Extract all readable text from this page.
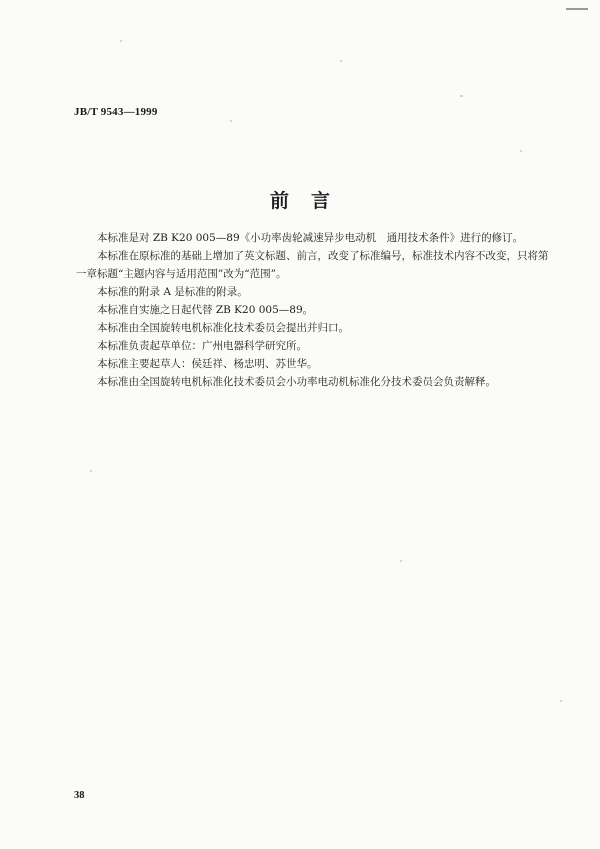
JB/T 9543—1999
前言

本标准是对 ZB K20 005—89《小功率齿轮减速异步电动机　通用技术条件》进行的修订。

本标准在原标准的基础上增加了英文标题、前言，改变了标准编号，标准技术内容不改变，只将第一章标题“主题内容与适用范围”改为“范围”。

本标准的附录 A 是标准的附录。

本标准自实施之日起代替 ZB K20 005—89。

本标准由全国旋转电机标准化技术委员会提出并归口。

本标准负责起草单位：广州电器科学研究所。

本标准主要起草人：侯廷祥、杨忠明、苏世华。

本标准由全国旋转电机标准化技术委员会小功率电动机标准化分技术委员会负责解释。

38
